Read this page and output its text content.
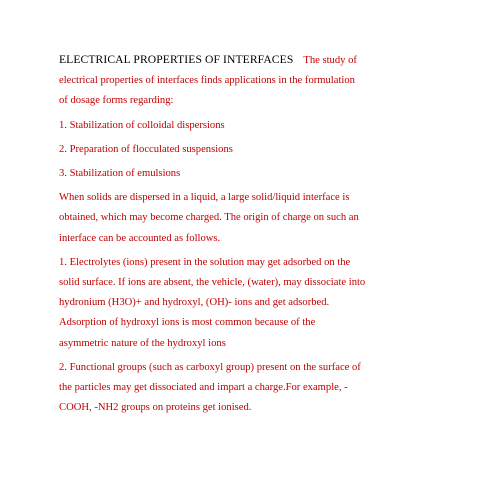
ELECTRICAL PROPERTIES OF INTERFACES The study of
electrical properties of interfaces finds applications in the formulation
of dosage forms regarding:
1. Stabilization of colloidal dispersions
2. Preparation of flocculated suspensions
3. Stabilization of emulsions
When solids are dispersed in a liquid, a large solid/liquid interface is
obtained, which may become charged. The origin of charge on such an
interface can be accounted as follows.
1. Electrolytes (ions) present in the solution may get adsorbed on the
solid surface. If ions are absent, the vehicle, (water), may dissociate into
hydronium (H3O)+ and hydroxyl, (OH)- ions and get adsorbed.
Adsorption of hydroxyl ions is most common because of the
asymmetric nature of the hydroxyl ions
2. Functional groups (such as carboxyl group) present on the surface of
the particles may get dissociated and impart a charge.For example, -
COOH, -NH2 groups on proteins get ionised.
